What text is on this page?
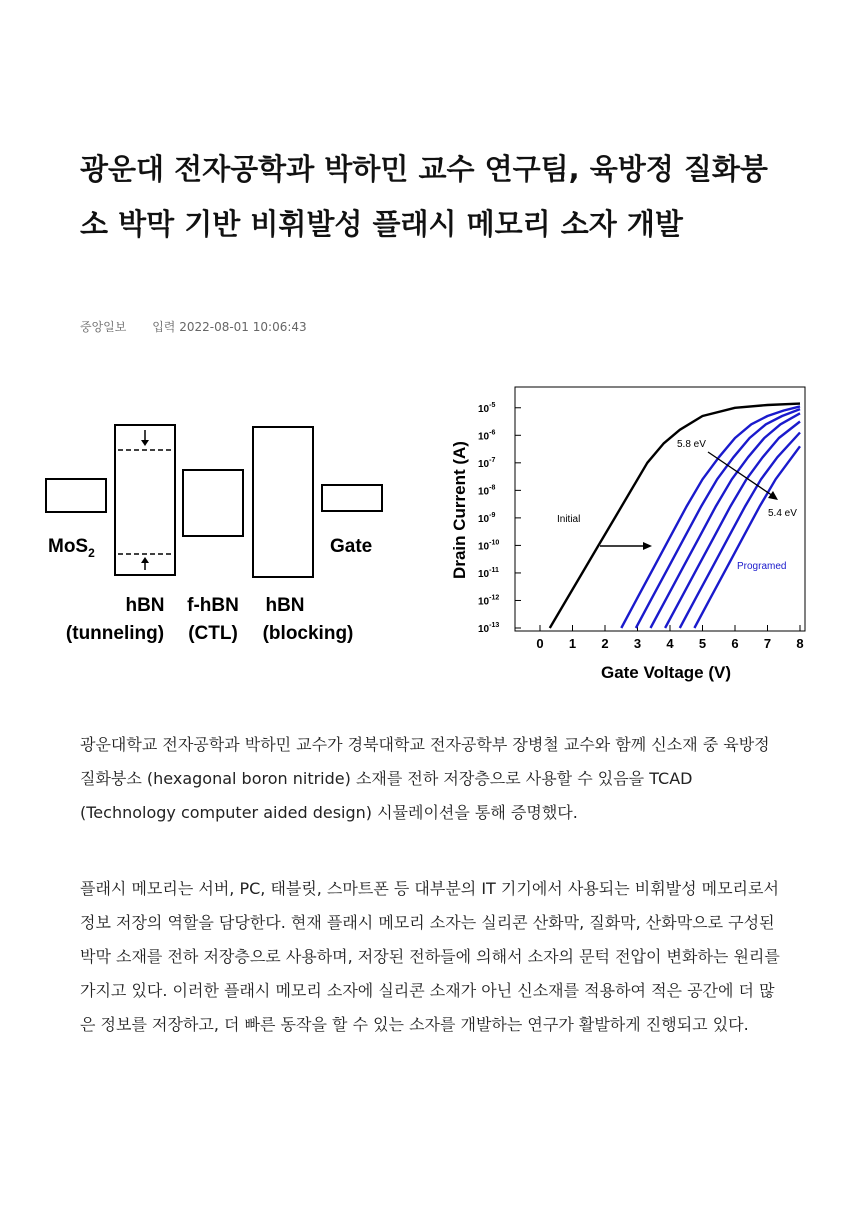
광운대 전자공학과 박하민 교수 연구팀, 육방정 질화붕소 박막 기반 비휘발성 플래시 메모리 소자 개발
중앙일보 입력 2022-08-01 10:06:43
MoS$_2$	Gate
hBN
(tunneling)
f-hBN
(CTL)
hBN
(blocking)	$10^{-13}$
$10^{-12}$
$10^{-11}$
$10^{-10}$
$10^{-9}$
$10^{-8}$
$10^{-7}$
$10^{-6}$
$10^{-5}$
0 1 2 3 4 5 6 7 8
Drain Current (A)
Gate Voltage (V)
5.8 eV
5.4 eV
Initial
Programed

광운대학교 전자공학과 박하민 교수가 경북대학교 전자공학부 장병철 교수와 함께 신소재 중 육방정 질화붕소 (hexagonal boron nitride) 소재를 전하 저장층으로 사용할 수 있음을 TCAD (Technology computer aided design) 시뮬레이션을 통해 증명했다.

플래시 메모리는 서버, PC, 태블릿, 스마트폰 등 대부분의 IT 기기에서 사용되는 비휘발성 메모리로서 정보 저장의 역할을 담당한다. 현재 플래시 메모리 소자는 실리콘 산화막, 질화막, 산화막으로 구성된 박막 소재를 전하 저장층으로 사용하며, 저장된 전하들에 의해서 소자의 문턱 전압이 변화하는 원리를 가지고 있다. 이러한 플래시 메모리 소자에 실리콘 소재가 아닌 신소재를 적용하여 적은 공간에 더 많은 정보를 저장하고, 더 빠른 동작을 할 수 있는 소자를 개발하는 연구가 활발하게 진행되고 있다.
